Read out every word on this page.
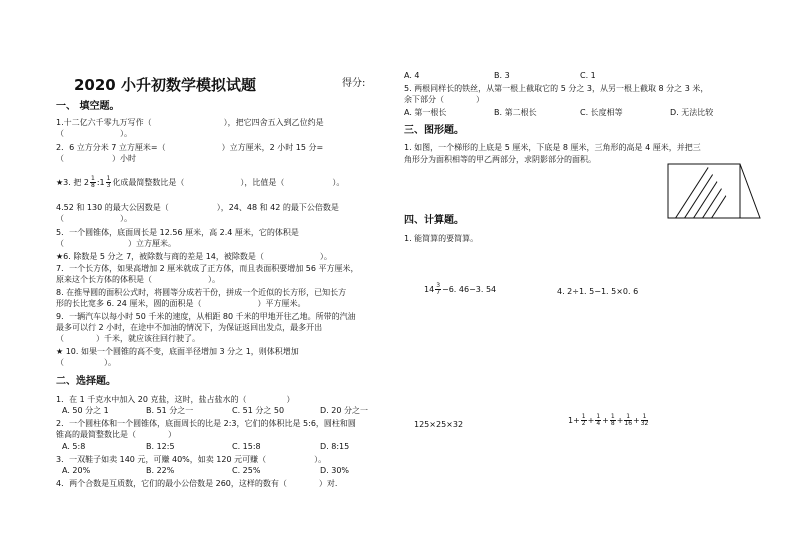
2020 小升初数学模拟试题	得分:
一、 填空题。
1.十二亿六千零九万写作（　　　　　　　　　），把它四舍五入到乙位约是
（　　　　　　　）。
2．6 立方分米 7 立方厘米=（　　　　　　　）立方厘米，2 小时 15 分=
（　　　　　　）小时
★3. 把 $2 \frac{1}{8}$ :1 $\frac{1}{3}$ 化成最简整数比是（　　　　　　　），比值是（　　　　　　）。
4.52 和 130 的最大公因数是（　　　　　　），24、48 和 42 的最下公倍数是
（　　　　　　　）。
5．一个圆锥体，底面周长是 12.56 厘米，高 2.4 厘米，它的体积是
（　　　　　　　　）立方厘米。
★6. 除数是 5 分之 7，被除数与商的差是 14，被除数是（　　　　　　　）。
7．一个长方体，如果高增加 2 厘米就成了正方体，而且表面积要增加 56 平方厘米，
原来这个长方体的体积是（　　　　　　　）。
8. 在推导圆的面积公式时，将圆等分成若干份，拼成一个近似的长方形，已知长方
形的长比宽多 6. 24 厘米，圆的面积是（　　　　　　　）平方厘米。
9．一辆汽车以每小时 50 千米的速度，从相距 80 千米的甲地开往乙地。所带的汽油
最多可以行 2 小时，在途中不加油的情况下，为保证返回出发点，最多开出
（　　　　）千米，就应该往回行驶了。
★ 10. 如果一个圆锥的高不变，底面半径增加 3 分之 1，则体积增加
（　　　　　）。
二、选择题。
1．在 1 千克水中加入 20 克盐，这时，盐占盐水的（　　　　　）
A. 50 分之 1	B. 51 分之一	C. 51 分之 50	D. 20 分之一
2．一个圆柱体和一个圆锥体，底面周长的比是 2:3，它们的体积比是 5:6，圆柱和圆
锥高的最简整数比是（　　　　）
A. 5:8	B. 12:5	C. 15:8	D. 8:15
3．一双鞋子如卖 140 元，可赚 40%，如卖 120 元可赚（　　　　　　）。
A. 20%	B. 22%	C. 25%	D. 30%
4．两个合数是互质数，它们的最小公倍数是 260，这样的数有（　　　　）对.
A. 4	B. 3	C. 1
5. 两根同样长的铁丝，从第一根上截取它的 5 分之 3，从另一根上截取 8 分之 3 米，
余下部分（　　　　）
A. 第一根长	B. 第二根长	C. 长度相等	D. 无法比较
三、图形题。
1. 如图，一个梯形的上底是 5 厘米，下底是 8 厘米，三角形的高是 4 厘米，并把三
角形分为面积相等的甲乙两部分，求阴影部分的面积。
四、计算题。
1. 能简算的要简算。
$14 \frac{3}{7} -6$. 46−3. 54	4. 2÷1. 5−1. 5×0. 6
125×25×32	$1+ \frac{1}{2} + \frac{1}{4} + \frac{1}{8} + \frac{1}{16} + \frac{1}{32}$
